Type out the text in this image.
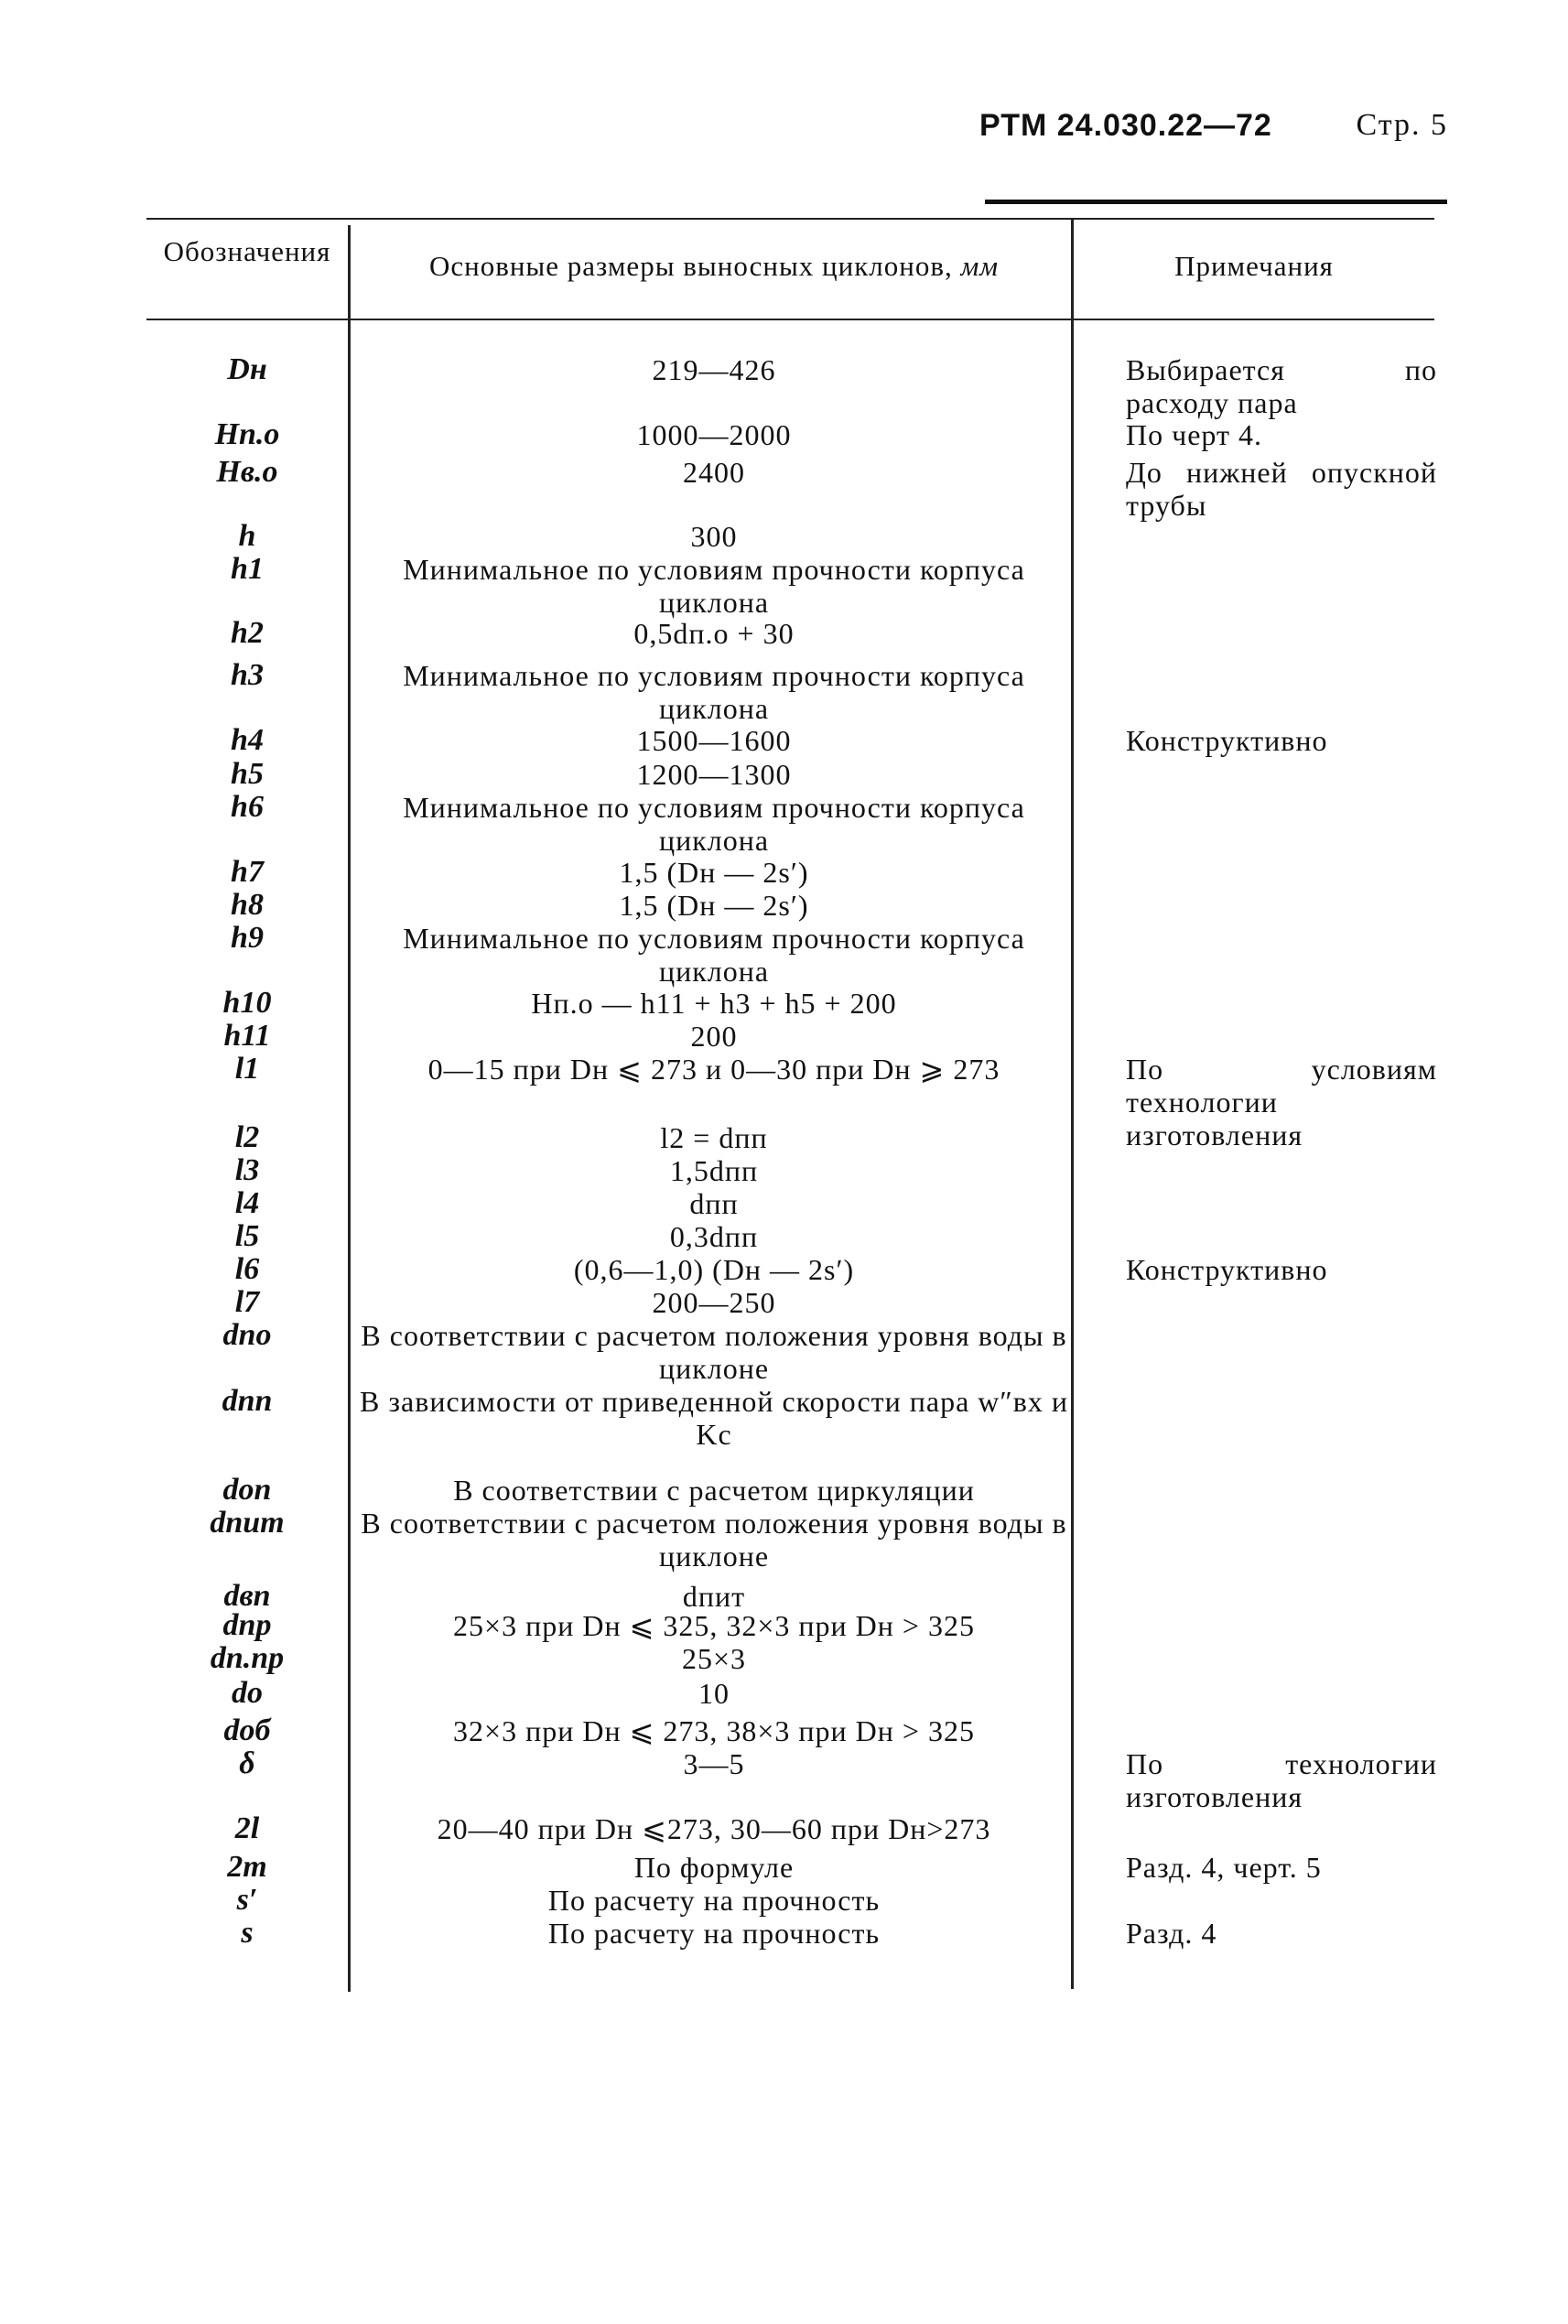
РТМ 24.030.22—72	Стр. 5
Обозначения	Основные размеры выносных циклонов, мм	Примечания
Dн	219—426	Выбирается по расходу пара
Hп.о	1000—2000	По черт 4.
Hв.о	2400	До нижней опускной трубы
h	300
h1	Минимальное по условиям прочности корпуса циклона
h2	0,5dп.о + 30
h3	Минимальное по условиям прочности корпуса циклона
h4	1500—1600	Конструктивно
h5	1200—1300
h6	Минимальное по условиям прочности корпуса циклона
h7	1,5 (Dн — 2s′)
h8	1,5 (Dн — 2s′)
h9	Минимальное по условиям прочности корпуса циклона
h10	Hп.о — h11 + h3 + h5 + 200
h11	200
l1	0—15 при Dн ⩽ 273 и 0—30 при Dн ⩾ 273	По условиям технологии изготовления
l2	l2 = dпп
l3	1,5dпп
l4	dпп
l5	0,3dпп
l6	(0,6—1,0) (Dн — 2s′)	Конструктивно
l7	200—250
dпо	В соответствии с расчетом положения уровня воды в циклоне
dпп	В зависимости от приведенной скорости пара w″вх и Kс
dоп	В соответствии с расчетом циркуляции
dпит	В соответствии с расчетом положения уровня воды в циклоне
dвп	dпит
dпр	25×3 при Dн ⩽ 325, 32×3 при Dн > 325
dп.пр	25×3
do	10
dоб	32×3 при Dн ⩽ 273, 38×3 при Dн > 325
δ	3—5	По технологии изготовления
2l	20—40 при Dн ⩽273, 30—60 при Dн>273
2m	По формуле	Разд. 4, черт. 5
s′	По расчету на прочность
s	По расчету на прочность	Разд. 4
